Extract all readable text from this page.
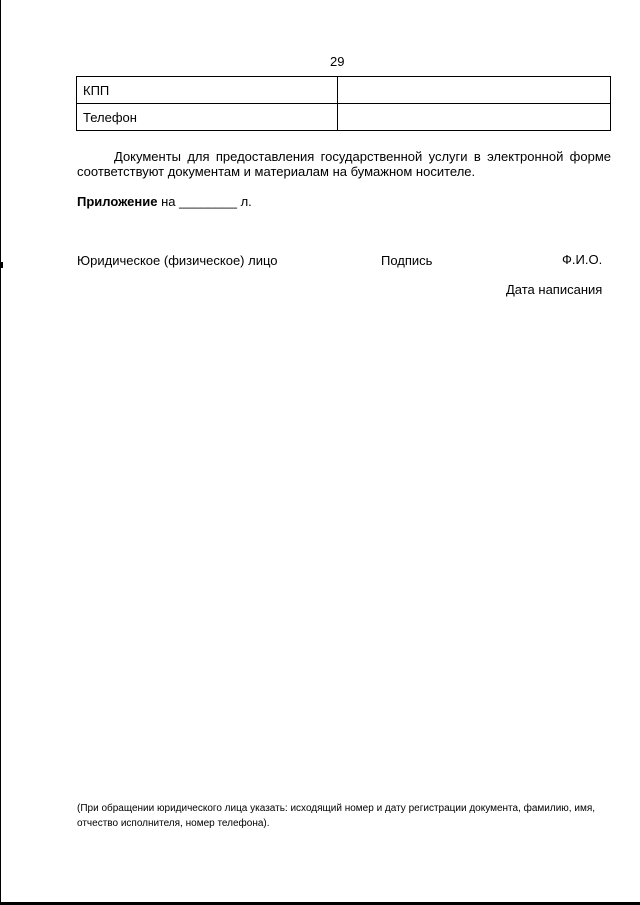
29
КПП	
Телефон	
Документы для предоставления государственной услуги в электронной форме
соответствуют документам и материалам на бумажном носителе.
Приложение на ________ л.
Юридическое (физическое) лицо	Подпись	Ф.И.О.
Дата написания
(При обращении юридического лица указать: исходящий номер и дату регистрации документа, фамилию, имя, отчество исполнителя, номер телефона).
